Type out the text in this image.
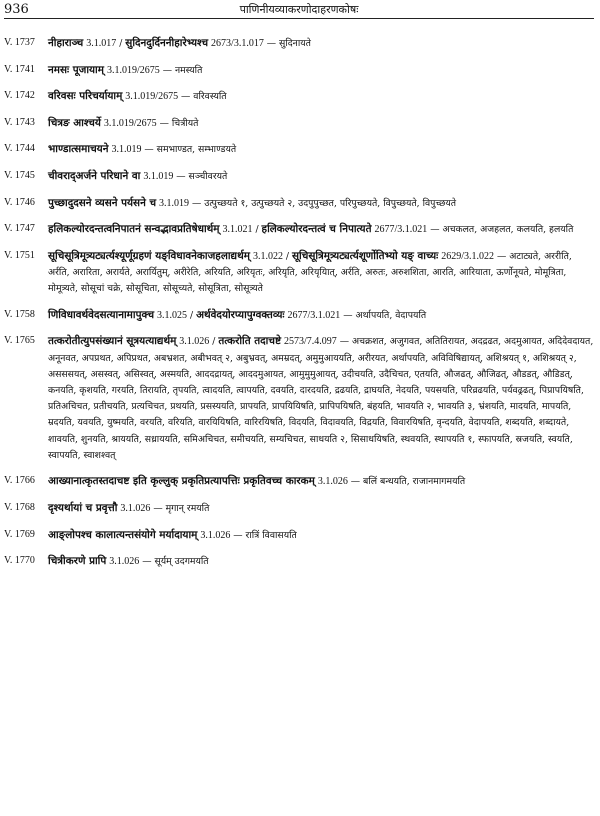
936	पाणिनीयव्याकरणोदाहरणकोषः
V. 1737 नीहाराञ्च 3.1.017 / सुदिनदुर्दिननीहारेभ्यश्च 2673/3.1.017 — सुदिनायते
V. 1741 नमसः पूजायाम् 3.1.019/2675 — नमस्यति
V. 1742 वरिवसः परिचर्यायाम् 3.1.019/2675 — वरिवस्यति
V. 1743 चित्रङ आश्चर्ये 3.1.019/2675 — चित्रीयते
V. 1744 भाण्डात्समाचयने 3.1.019 — समभाण्डत, सम्भाण्डयते
V. 1745 चीवराद्अर्जने परिधाने वा 3.1.019 — सञ्चीवरयते
V. 1746 पुच्छादुदसने व्यसने पर्यसने च 3.1.019 — उत्पुच्छयते १, उत्पुच्छयते २, उदपुपुच्छत, परिपुच्छयते, विपुच्छयते, विपुच्छयते
V. 1747 हलिकल्योरदन्तत्वनिपातनं सन्वद्भावप्रतिषेधार्थम् 3.1.021 / हलिकल्योरदन्तत्वं च निपात्यते 2677/3.1.021 — अचकलत, अजहलत, कलयति, हलयति
V. 1751 सूचिसूत्रिमूत्र्यट्यर्त्यश्यूर्णूग्रहणं यङ्विधावनेकाजहलाद्यर्थम् 3.1.022 / सूचिसूत्रिमूत्र्यट्यर्त्यशूर्णोतिभ्यो यङ् वाच्यः 2629/3.1.022 — अटाट्यते, अररीति, अर्रति, अरारिता, अरार्यते, अरार्यितुम्, अरीरेति, अरियति, अरियृतः, अरियृति, अरियृयिात्, अर्रति, अरुतः, अरुशशिता, आरति, आरियाता, ऊर्णोनूयते, मोमूत्रिता, मोमूत्र्यते, सोसूचां चक्रे, सोसूचिता, सोसूच्यते, सोसूत्रिता, सोसूत्र्यते
V. 1758 णिविधावर्थवेदसत्यानामापुक्च 3.1.025 / अर्थवेदयोरप्यापुग्वक्तव्यः 2677/3.1.021 — अर्थापयति, वेदापयति
V. 1765 तत्करोतीत्युपसंख्यानं सूत्रयत्याद्यर्थम् 3.1.026 / तत्करोति तदाचष्टे 2573/7.4.097 — अचक्रशत, अजुगवत, अतितिरायत, अदद्रढत, अदमुआयत, अदिदेवदायत, अनूनवत, अपप्रथत, अपिप्रथत, अबभ्रशत, अबीभवत् २, अबुभ्रवत्, अमम्रदत्, अमुमुआययति, अरीरयत, अर्थापयति, अविविषिद्यायत्, अशिश्रयत् १, अशिश्रयत् २, असससयत्, असस्वत्, असिस्वत्, अस्मयति, आददद्रायत्, आददमुआयत, आमुमुमुआयत्, उदीचयति, उदैचिचत, एतयति, औजढत्, औजिढत्, औडडत्, औडिडत्, कनयति, कृशयति, गरयति, तिरायति, तृपयति, त्वादयति, त्वापयति, दवयति, दारदयति, द्रढयति, द्राघयति, नेदयति, पयसयति, परिव्रढयति, पर्यवढ्रढत्, पिप्रापयिषति, प्रतिअचिचत, प्रतीचयति, प्रत्यचिचत, प्रथयति, प्रसस्ययति, प्रापयति, प्रापयियिषति, प्रापिपयिषति, बंहयति, भावयति २, भावयति ३, भ्रंशयति, मादयति, मापयति, म्रदयति, यवयति, युष्मयति, वरयति, वरियति, वारयियिषति, वारिरयिषति, विदयति, विदावयति, विद्रयति, विवारयिषति, वृन्दयति, वेदापयति, शब्दयति, शब्दायते, शावयति, शुनयति, श्राययति, सध्राययति, समिअचिचत, समीचयति, सम्यचिचत, साधयति २, सिसाधयिषति, स्थवयति, स्थापयति १, स्फापयति, स्रजयति, स्वयति, स्वापयति, स्वाशश्वत्
V. 1766 आख्यानात्कृतस्तदाचष्ट इति कृल्लुक् प्रकृतिप्रत्यापत्तिः प्रकृतिवच्च कारकम् 3.1.026 — बलिं बन्धयति, राजानमागमयति
V. 1768 दृश्यर्थायां च प्रवृत्तौ 3.1.026 — मृगान् रमयति
V. 1769 आङ्लोपश्च कालात्यन्तसंयोगे मर्यादायाम् 3.1.026 — रात्रिं विवासयति
V. 1770 चित्रीकरणे प्रापि 3.1.026 — सूर्यम् उदगमयति
